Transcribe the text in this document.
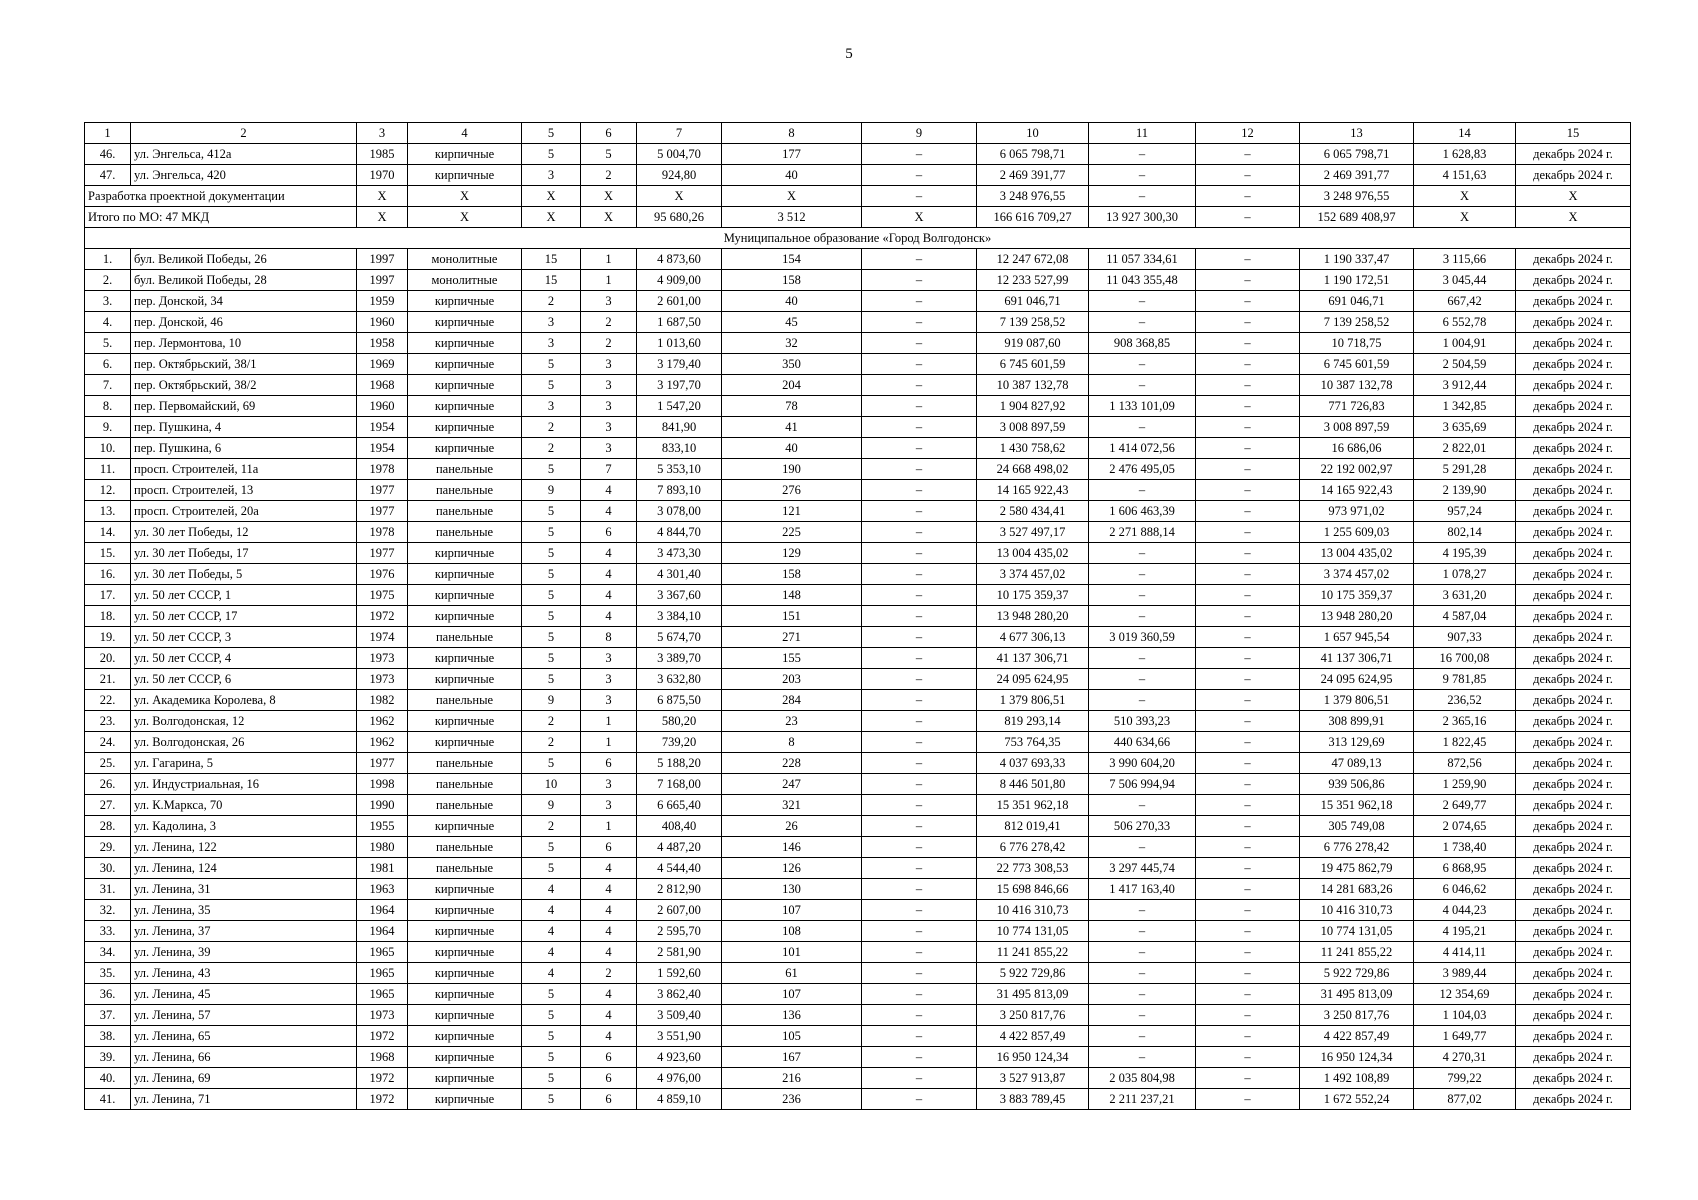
5
1	2	3	4	5	6	7	8	9	10	11	12	13	14	15
46.	ул. Энгельса, 412а	1985	кирпичные	5	5	5 004,70	177	–	6 065 798,71	–	–	6 065 798,71	1 628,83	декабрь 2024 г.
47.	ул. Энгельса, 420	1970	кирпичные	3	2	924,80	40	–	2 469 391,77	–	–	2 469 391,77	4 151,63	декабрь 2024 г.
Разработка проектной документации		X	X	X	X	X	X	–	3 248 976,55	–	–	3 248 976,55	X	X
Итого по МО: 47 МКД		X	X	X	X	95 680,26	3 512	X	166 616 709,27	13 927 300,30	–	152 689 408,97	X	X
Муниципальное образование «Город Волгодонск»														
1.	бул. Великой Победы, 26	1997	монолитные	15	1	4 873,60	154	–	12 247 672,08	11 057 334,61	–	1 190 337,47	3 115,66	декабрь 2024 г.
2.	бул. Великой Победы, 28	1997	монолитные	15	1	4 909,00	158	–	12 233 527,99	11 043 355,48	–	1 190 172,51	3 045,44	декабрь 2024 г.
3.	пер. Донской, 34	1959	кирпичные	2	3	2 601,00	40	–	691 046,71	–	–	691 046,71	667,42	декабрь 2024 г.
4.	пер. Донской, 46	1960	кирпичные	3	2	1 687,50	45	–	7 139 258,52	–	–	7 139 258,52	6 552,78	декабрь 2024 г.
5.	пер. Лермонтова, 10	1958	кирпичные	3	2	1 013,60	32	–	919 087,60	908 368,85	–	10 718,75	1 004,91	декабрь 2024 г.
6.	пер. Октябрьский, 38/1	1969	кирпичные	5	3	3 179,40	350	–	6 745 601,59	–	–	6 745 601,59	2 504,59	декабрь 2024 г.
7.	пер. Октябрьский, 38/2	1968	кирпичные	5	3	3 197,70	204	–	10 387 132,78	–	–	10 387 132,78	3 912,44	декабрь 2024 г.
8.	пер. Первомайский, 69	1960	кирпичные	3	3	1 547,20	78	–	1 904 827,92	1 133 101,09	–	771 726,83	1 342,85	декабрь 2024 г.
9.	пер. Пушкина, 4	1954	кирпичные	2	3	841,90	41	–	3 008 897,59	–	–	3 008 897,59	3 635,69	декабрь 2024 г.
10.	пер. Пушкина, 6	1954	кирпичные	2	3	833,10	40	–	1 430 758,62	1 414 072,56	–	16 686,06	2 822,01	декабрь 2024 г.
11.	просп. Строителей, 11а	1978	панельные	5	7	5 353,10	190	–	24 668 498,02	2 476 495,05	–	22 192 002,97	5 291,28	декабрь 2024 г.
12.	просп. Строителей, 13	1977	панельные	9	4	7 893,10	276	–	14 165 922,43	–	–	14 165 922,43	2 139,90	декабрь 2024 г.
13.	просп. Строителей, 20а	1977	панельные	5	4	3 078,00	121	–	2 580 434,41	1 606 463,39	–	973 971,02	957,24	декабрь 2024 г.
14.	ул. 30 лет Победы, 12	1978	панельные	5	6	4 844,70	225	–	3 527 497,17	2 271 888,14	–	1 255 609,03	802,14	декабрь 2024 г.
15.	ул. 30 лет Победы, 17	1977	кирпичные	5	4	3 473,30	129	–	13 004 435,02	–	–	13 004 435,02	4 195,39	декабрь 2024 г.
16.	ул. 30 лет Победы, 5	1976	кирпичные	5	4	4 301,40	158	–	3 374 457,02	–	–	3 374 457,02	1 078,27	декабрь 2024 г.
17.	ул. 50 лет СССР, 1	1975	кирпичные	5	4	3 367,60	148	–	10 175 359,37	–	–	10 175 359,37	3 631,20	декабрь 2024 г.
18.	ул. 50 лет СССР, 17	1972	кирпичные	5	4	3 384,10	151	–	13 948 280,20	–	–	13 948 280,20	4 587,04	декабрь 2024 г.
19.	ул. 50 лет СССР, 3	1974	панельные	5	8	5 674,70	271	–	4 677 306,13	3 019 360,59	–	1 657 945,54	907,33	декабрь 2024 г.
20.	ул. 50 лет СССР, 4	1973	кирпичные	5	3	3 389,70	155	–	41 137 306,71	–	–	41 137 306,71	16 700,08	декабрь 2024 г.
21.	ул. 50 лет СССР, 6	1973	кирпичные	5	3	3 632,80	203	–	24 095 624,95	–	–	24 095 624,95	9 781,85	декабрь 2024 г.
22.	ул. Академика Королева, 8	1982	панельные	9	3	6 875,50	284	–	1 379 806,51	–	–	1 379 806,51	236,52	декабрь 2024 г.
23.	ул. Волгодонская, 12	1962	кирпичные	2	1	580,20	23	–	819 293,14	510 393,23	–	308 899,91	2 365,16	декабрь 2024 г.
24.	ул. Волгодонская, 26	1962	кирпичные	2	1	739,20	8	–	753 764,35	440 634,66	–	313 129,69	1 822,45	декабрь 2024 г.
25.	ул. Гагарина, 5	1977	панельные	5	6	5 188,20	228	–	4 037 693,33	3 990 604,20	–	47 089,13	872,56	декабрь 2024 г.
26.	ул. Индустриальная, 16	1998	панельные	10	3	7 168,00	247	–	8 446 501,80	7 506 994,94	–	939 506,86	1 259,90	декабрь 2024 г.
27.	ул. К.Маркса, 70	1990	панельные	9	3	6 665,40	321	–	15 351 962,18	–	–	15 351 962,18	2 649,77	декабрь 2024 г.
28.	ул. Кадолина, 3	1955	кирпичные	2	1	408,40	26	–	812 019,41	506 270,33	–	305 749,08	2 074,65	декабрь 2024 г.
29.	ул. Ленина, 122	1980	панельные	5	6	4 487,20	146	–	6 776 278,42	–	–	6 776 278,42	1 738,40	декабрь 2024 г.
30.	ул. Ленина, 124	1981	панельные	5	4	4 544,40	126	–	22 773 308,53	3 297 445,74	–	19 475 862,79	6 868,95	декабрь 2024 г.
31.	ул. Ленина, 31	1963	кирпичные	4	4	2 812,90	130	–	15 698 846,66	1 417 163,40	–	14 281 683,26	6 046,62	декабрь 2024 г.
32.	ул. Ленина, 35	1964	кирпичные	4	4	2 607,00	107	–	10 416 310,73	–	–	10 416 310,73	4 044,23	декабрь 2024 г.
33.	ул. Ленина, 37	1964	кирпичные	4	4	2 595,70	108	–	10 774 131,05	–	–	10 774 131,05	4 195,21	декабрь 2024 г.
34.	ул. Ленина, 39	1965	кирпичные	4	4	2 581,90	101	–	11 241 855,22	–	–	11 241 855,22	4 414,11	декабрь 2024 г.
35.	ул. Ленина, 43	1965	кирпичные	4	2	1 592,60	61	–	5 922 729,86	–	–	5 922 729,86	3 989,44	декабрь 2024 г.
36.	ул. Ленина, 45	1965	кирпичные	5	4	3 862,40	107	–	31 495 813,09	–	–	31 495 813,09	12 354,69	декабрь 2024 г.
37.	ул. Ленина, 57	1973	кирпичные	5	4	3 509,40	136	–	3 250 817,76	–	–	3 250 817,76	1 104,03	декабрь 2024 г.
38.	ул. Ленина, 65	1972	кирпичные	5	4	3 551,90	105	–	4 422 857,49	–	–	4 422 857,49	1 649,77	декабрь 2024 г.
39.	ул. Ленина, 66	1968	кирпичные	5	6	4 923,60	167	–	16 950 124,34	–	–	16 950 124,34	4 270,31	декабрь 2024 г.
40.	ул. Ленина, 69	1972	кирпичные	5	6	4 976,00	216	–	3 527 913,87	2 035 804,98	–	1 492 108,89	799,22	декабрь 2024 г.
41.	ул. Ленина, 71	1972	кирпичные	5	6	4 859,10	236	–	3 883 789,45	2 211 237,21	–	1 672 552,24	877,02	декабрь 2024 г.
